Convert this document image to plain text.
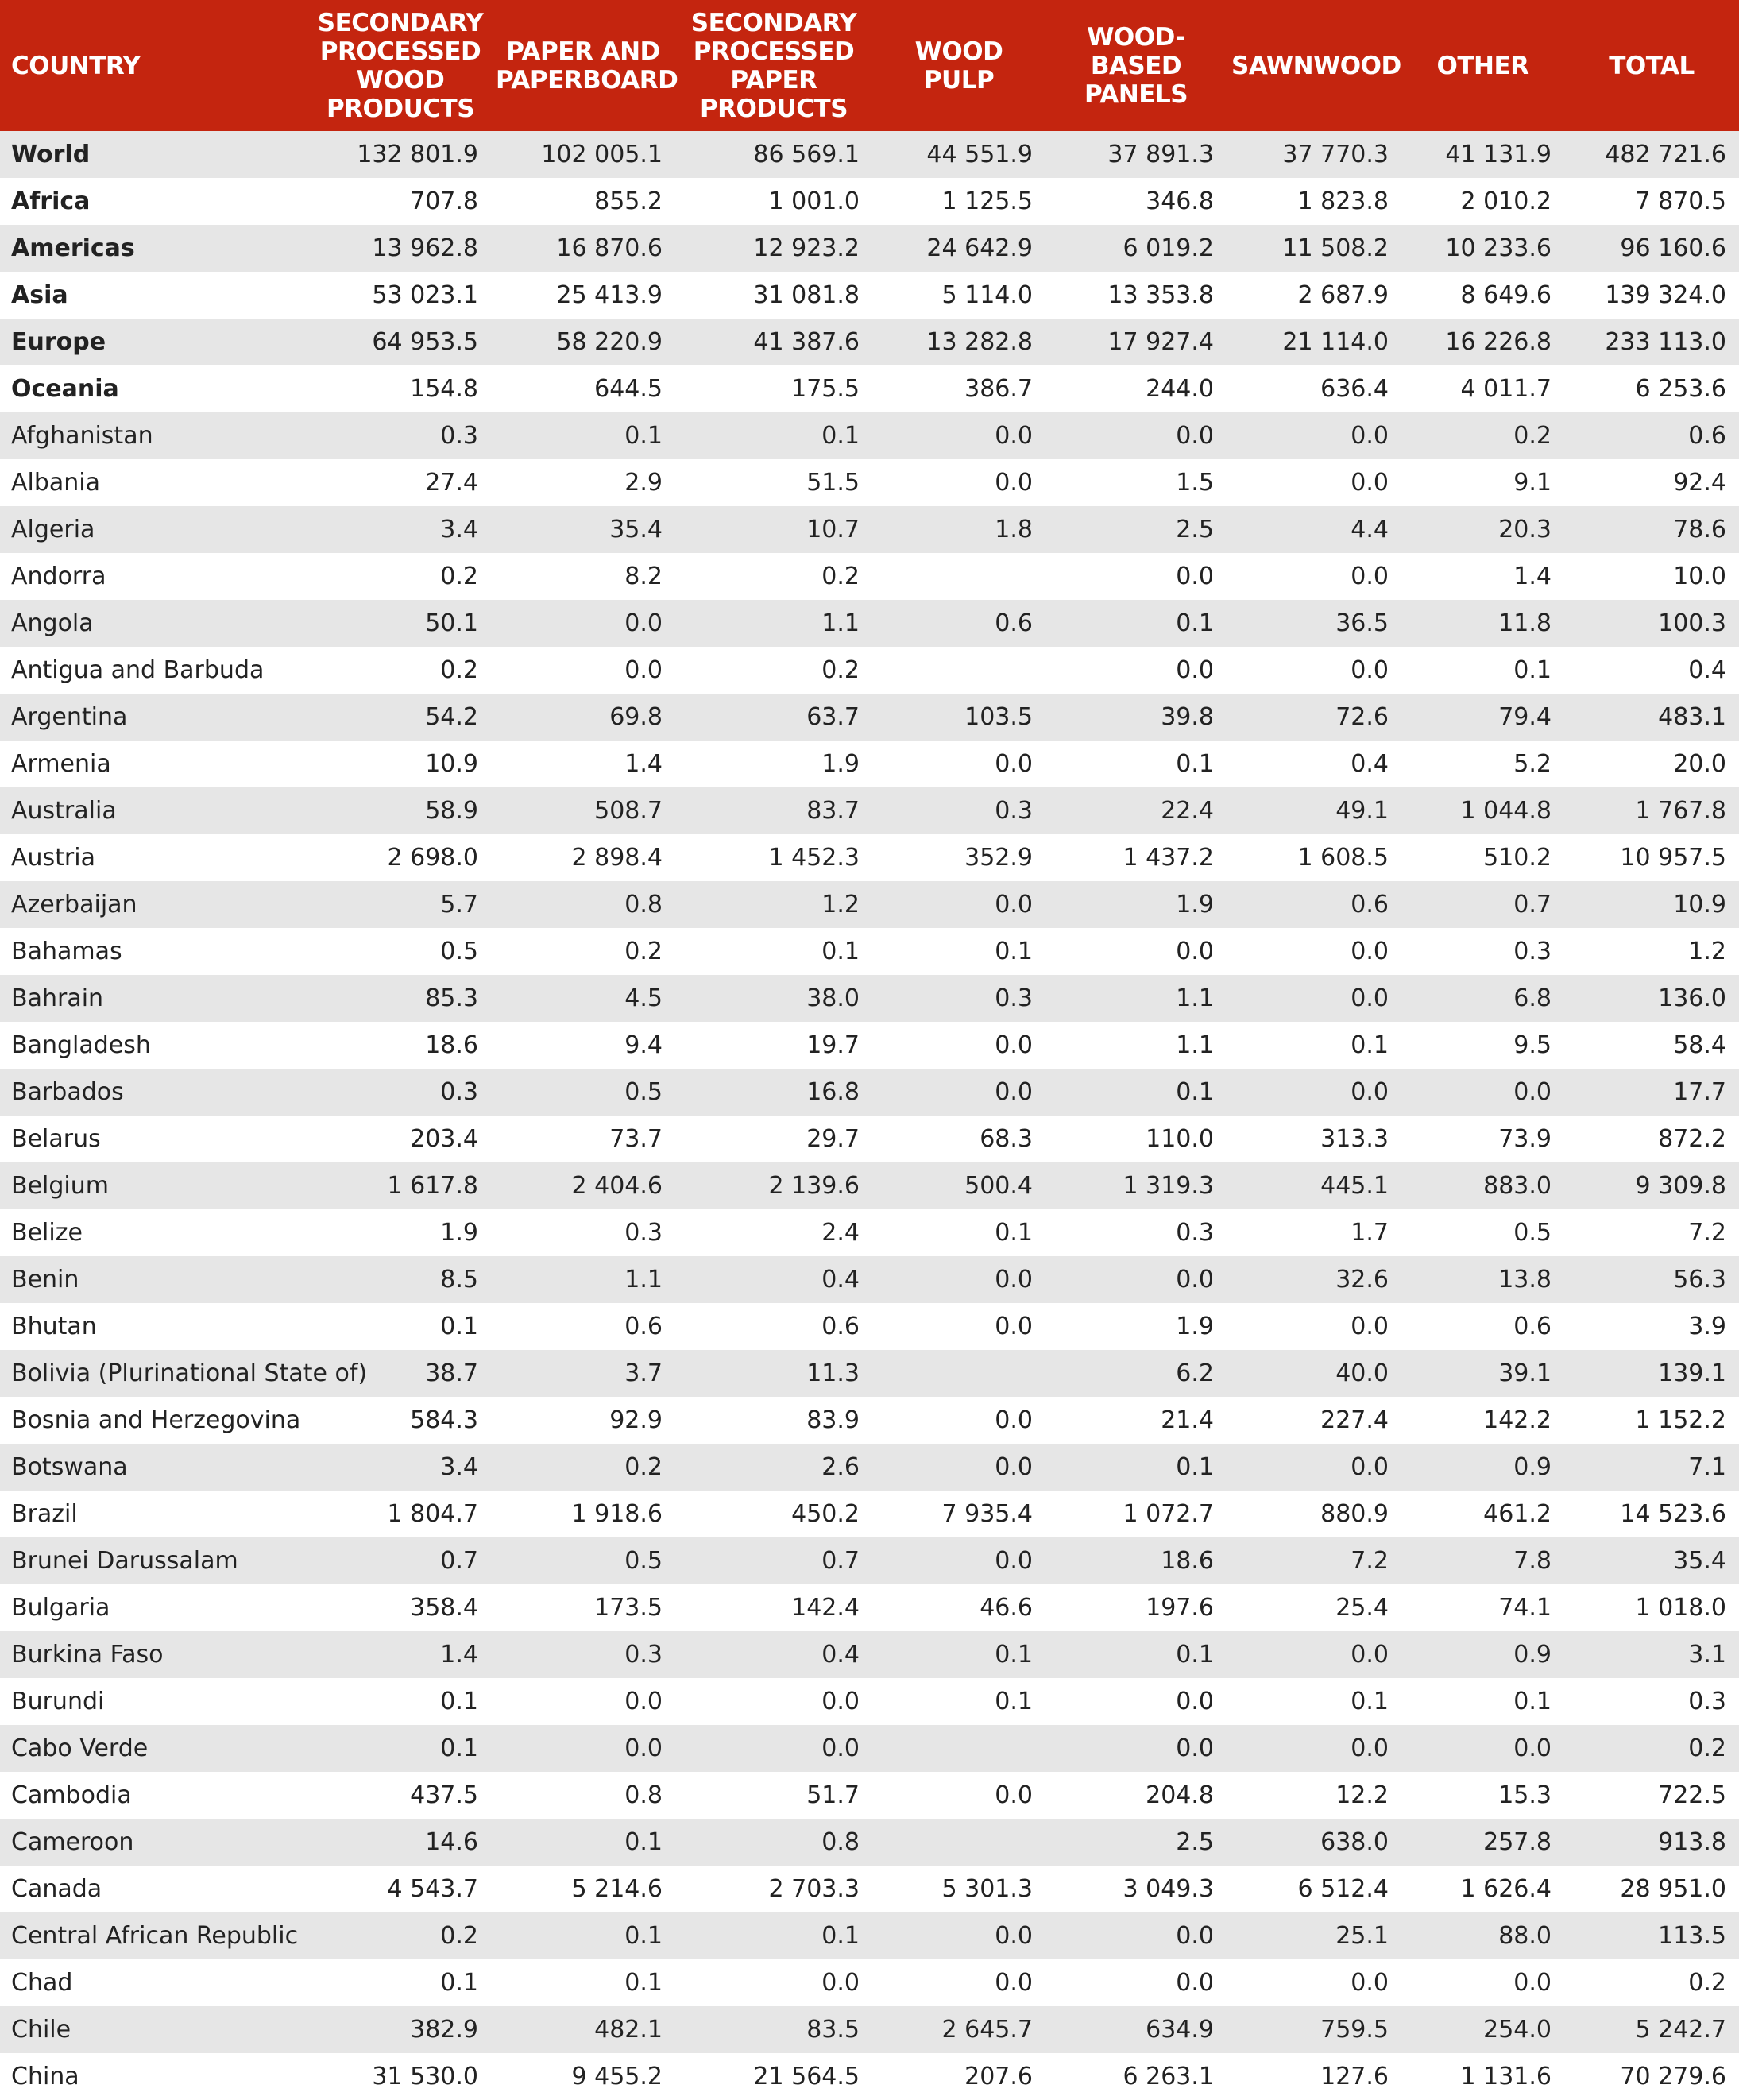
COUNTRY	SECONDARY PROCESSED WOOD PRODUCTS	PAPER AND PAPERBOARD	SECONDARY PROCESSED PAPER PRODUCTS	WOOD PULP	WOOD-BASED PANELS	SAWNWOOD	OTHER	TOTAL
World	132 801.9	102 005.1	86 569.1	44 551.9	37 891.3	37 770.3	41 131.9	482 721.6
Africa	707.8	855.2	1 001.0	1 125.5	346.8	1 823.8	2 010.2	7 870.5
Americas	13 962.8	16 870.6	12 923.2	24 642.9	6 019.2	11 508.2	10 233.6	96 160.6
Asia	53 023.1	25 413.9	31 081.8	5 114.0	13 353.8	2 687.9	8 649.6	139 324.0
Europe	64 953.5	58 220.9	41 387.6	13 282.8	17 927.4	21 114.0	16 226.8	233 113.0
Oceania	154.8	644.5	175.5	386.7	244.0	636.4	4 011.7	6 253.6
Afghanistan	0.3	0.1	0.1	0.0	0.0	0.0	0.2	0.6
Albania	27.4	2.9	51.5	0.0	1.5	0.0	9.1	92.4
Algeria	3.4	35.4	10.7	1.8	2.5	4.4	20.3	78.6
Andorra	0.2	8.2	0.2		0.0	0.0	1.4	10.0
Angola	50.1	0.0	1.1	0.6	0.1	36.5	11.8	100.3
Antigua and Barbuda	0.2	0.0	0.2		0.0	0.0	0.1	0.4
Argentina	54.2	69.8	63.7	103.5	39.8	72.6	79.4	483.1
Armenia	10.9	1.4	1.9	0.0	0.1	0.4	5.2	20.0
Australia	58.9	508.7	83.7	0.3	22.4	49.1	1 044.8	1 767.8
Austria	2 698.0	2 898.4	1 452.3	352.9	1 437.2	1 608.5	510.2	10 957.5
Azerbaijan	5.7	0.8	1.2	0.0	1.9	0.6	0.7	10.9
Bahamas	0.5	0.2	0.1	0.1	0.0	0.0	0.3	1.2
Bahrain	85.3	4.5	38.0	0.3	1.1	0.0	6.8	136.0
Bangladesh	18.6	9.4	19.7	0.0	1.1	0.1	9.5	58.4
Barbados	0.3	0.5	16.8	0.0	0.1	0.0	0.0	17.7
Belarus	203.4	73.7	29.7	68.3	110.0	313.3	73.9	872.2
Belgium	1 617.8	2 404.6	2 139.6	500.4	1 319.3	445.1	883.0	9 309.8
Belize	1.9	0.3	2.4	0.1	0.3	1.7	0.5	7.2
Benin	8.5	1.1	0.4	0.0	0.0	32.6	13.8	56.3
Bhutan	0.1	0.6	0.6	0.0	1.9	0.0	0.6	3.9
Bolivia (Plurinational State of)	38.7	3.7	11.3		6.2	40.0	39.1	139.1
Bosnia and Herzegovina	584.3	92.9	83.9	0.0	21.4	227.4	142.2	1 152.2
Botswana	3.4	0.2	2.6	0.0	0.1	0.0	0.9	7.1
Brazil	1 804.7	1 918.6	450.2	7 935.4	1 072.7	880.9	461.2	14 523.6
Brunei Darussalam	0.7	0.5	0.7	0.0	18.6	7.2	7.8	35.4
Bulgaria	358.4	173.5	142.4	46.6	197.6	25.4	74.1	1 018.0
Burkina Faso	1.4	0.3	0.4	0.1	0.1	0.0	0.9	3.1
Burundi	0.1	0.0	0.0	0.1	0.0	0.1	0.1	0.3
Cabo Verde	0.1	0.0	0.0		0.0	0.0	0.0	0.2
Cambodia	437.5	0.8	51.7	0.0	204.8	12.2	15.3	722.5
Cameroon	14.6	0.1	0.8		2.5	638.0	257.8	913.8
Canada	4 543.7	5 214.6	2 703.3	5 301.3	3 049.3	6 512.4	1 626.4	28 951.0
Central African Republic	0.2	0.1	0.1	0.0	0.0	25.1	88.0	113.5
Chad	0.1	0.1	0.0	0.0	0.0	0.0	0.0	0.2
Chile	382.9	482.1	83.5	2 645.7	634.9	759.5	254.0	5 242.7
China	31 530.0	9 455.2	21 564.5	207.6	6 263.1	127.6	1 131.6	70 279.6
